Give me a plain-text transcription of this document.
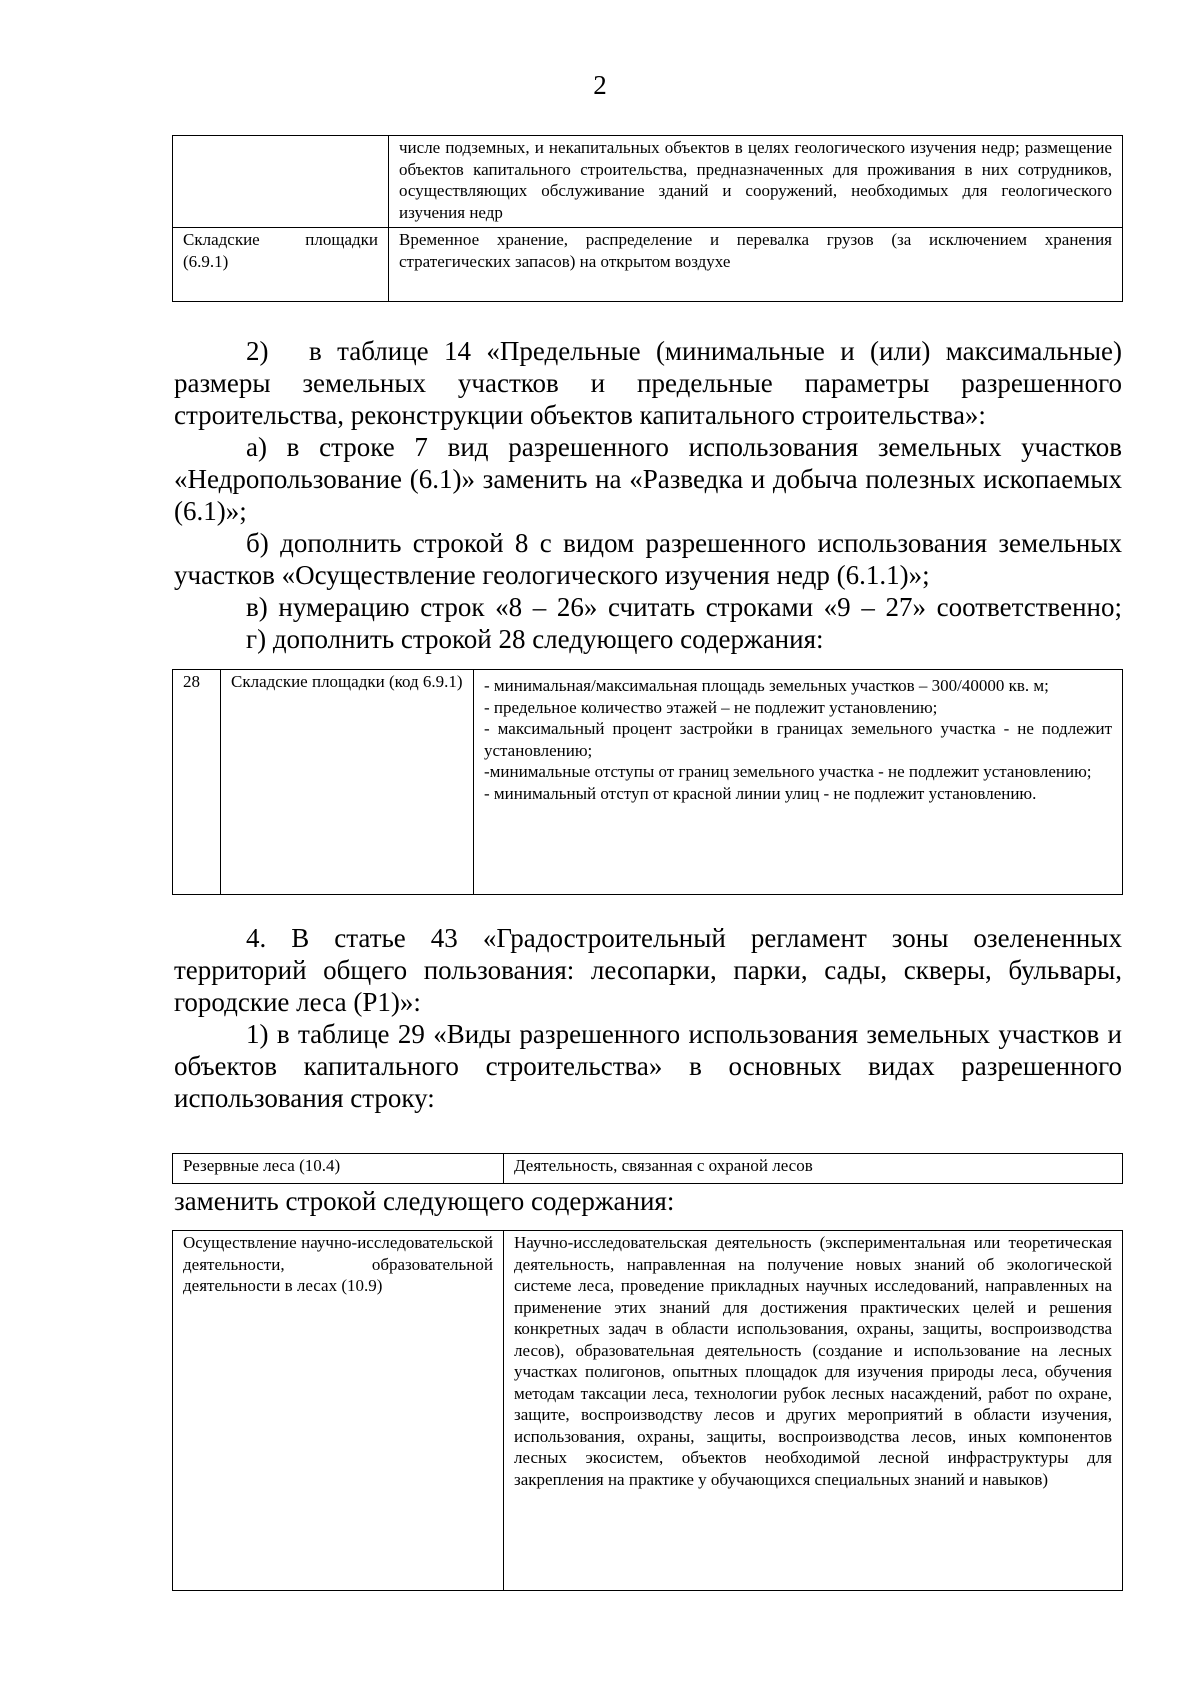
2
	числе подземных, и некапитальных объектов в целях геологического изучения недр; размещение объектов капитального строительства, предназначенных для проживания в них сотрудников, осуществляющих обслуживание зданий и сооружений, необходимых для геологического изучения недр
Складские площадки (6.9.1)	Временное хранение, распределение и перевалка грузов (за исключением хранения стратегических запасов) на открытом воздухе

2)  в таблице 14 «Предельные (минимальные и (или) максимальные) размеры земельных участков и предельные параметры разрешенного строительства, реконструкции объектов капитального строительства»:

а) в строке 7 вид разрешенного использования земельных участков «Недропользование (6.1)» заменить на «Разведка и добыча полезных ископаемых (6.1)»;

б) дополнить строкой 8 с видом разрешенного использования земельных участков «Осуществление геологического изучения недр (6.1.1)»;

в) нумерацию строк «8 – 26» считать строками «9 – 27» соответственно;

г) дополнить строкой 28 следующего содержания:

28	Складские площадки (код 6.9.1)	- минимальная/максимальная площадь земельных участков – 300/40000 кв. м;
- предельное количество этажей – не подлежит установлению;
- максимальный процент застройки в границах земельного участка - не подлежит установлению;
-минимальные отступы от границ земельного участка - не подлежит установлению;
- минимальный отступ от красной линии улиц - не подлежит установлению.

4. В статье 43 «Градостроительный регламент зоны озелененных территорий общего пользования: лесопарки, парки, сады, скверы, бульвары, городские леса (Р1)»:

1) в таблице 29 «Виды разрешенного использования земельных участков и объектов капитального строительства» в основных видах разрешенного использования строку:

Резервные леса (10.4)	Деятельность, связанная с охраной лесов

заменить строкой следующего содержания:

Осуществление научно-исследовательской деятельности, образовательной деятельности в лесах (10.9)	Научно-исследовательская деятельность (экспериментальная или теоретическая деятельность, направленная на получение новых знаний об экологической системе леса, проведение прикладных научных исследований, направленных на применение этих знаний для достижения практических целей и решения конкретных задач в области использования, охраны, защиты, воспроизводства лесов), образовательная деятельность (создание и использование на лесных участках полигонов, опытных площадок для изучения природы леса, обучения методам таксации леса, технологии рубок лесных насаждений, работ по охране, защите, воспроизводству лесов и других мероприятий в области изучения, использования, охраны, защиты, воспроизводства лесов, иных компонентов лесных экосистем, объектов необходимой лесной инфраструктуры для закрепления на практике у обучающихся специальных знаний и навыков)
